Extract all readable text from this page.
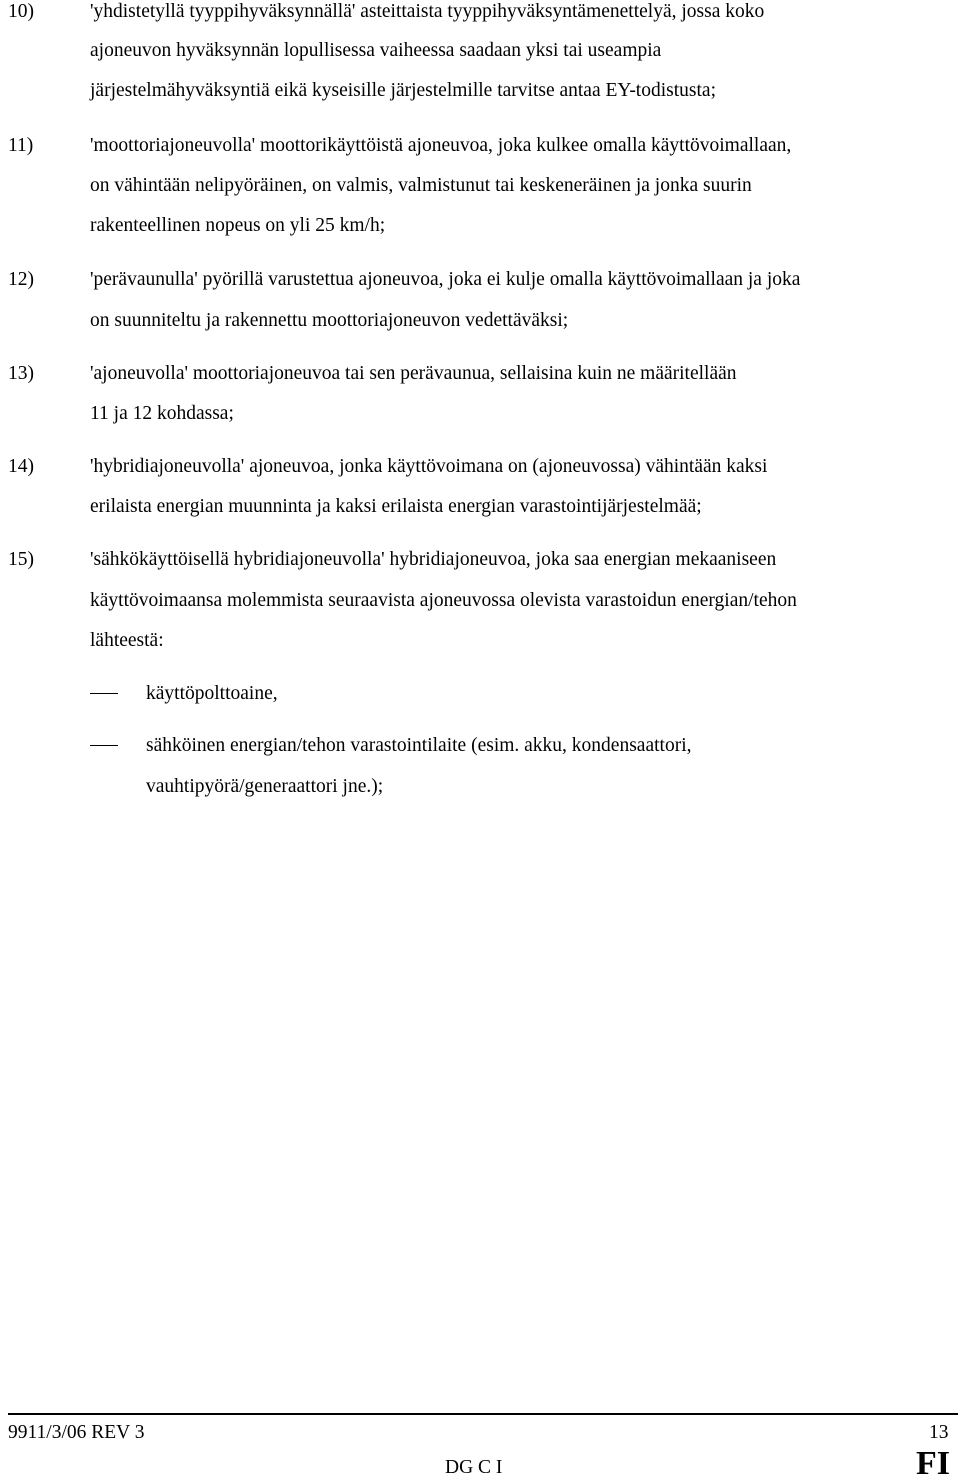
10)	'yhdistetyllä tyyppihyväksynnällä' asteittaista tyyppihyväksyntämenettelyä, jossa koko
ajoneuvon hyväksynnän lopullisessa vaiheessa saadaan yksi tai useampia
järjestelmähyväksyntiä eikä kyseisille järjestelmille tarvitse antaa EY-todistusta;
11)	'moottoriajoneuvolla' moottorikäyttöistä ajoneuvoa, joka kulkee omalla käyttövoimallaan,
on vähintään nelipyöräinen, on valmis, valmistunut tai keskeneräinen ja jonka suurin
rakenteellinen nopeus on yli 25 km/h;
12)	'perävaunulla' pyörillä varustettua ajoneuvoa, joka ei kulje omalla käyttövoimallaan ja joka
on suunniteltu ja rakennettu moottoriajoneuvon vedettäväksi;
13)	'ajoneuvolla' moottoriajoneuvoa tai sen perävaunua, sellaisina kuin ne määritellään
11 ja 12 kohdassa;
14)	'hybridiajoneuvolla' ajoneuvoa, jonka käyttövoimana on (ajoneuvossa) vähintään kaksi
erilaista energian muunninta ja kaksi erilaista energian varastointijärjestelmää;
15)	'sähkökäyttöisellä hybridiajoneuvolla' hybridiajoneuvoa, joka saa energian mekaaniseen
käyttövoimaansa molemmista seuraavista ajoneuvossa olevista varastoidun energian/tehon
lähteestä:
käyttöpolttoaine,
sähköinen energian/tehon varastointilaite (esim. akku, kondensaattori,
vauhtipyörä/generaattori jne.);
9911/3/06 REV 3	13
DG C I	FI
